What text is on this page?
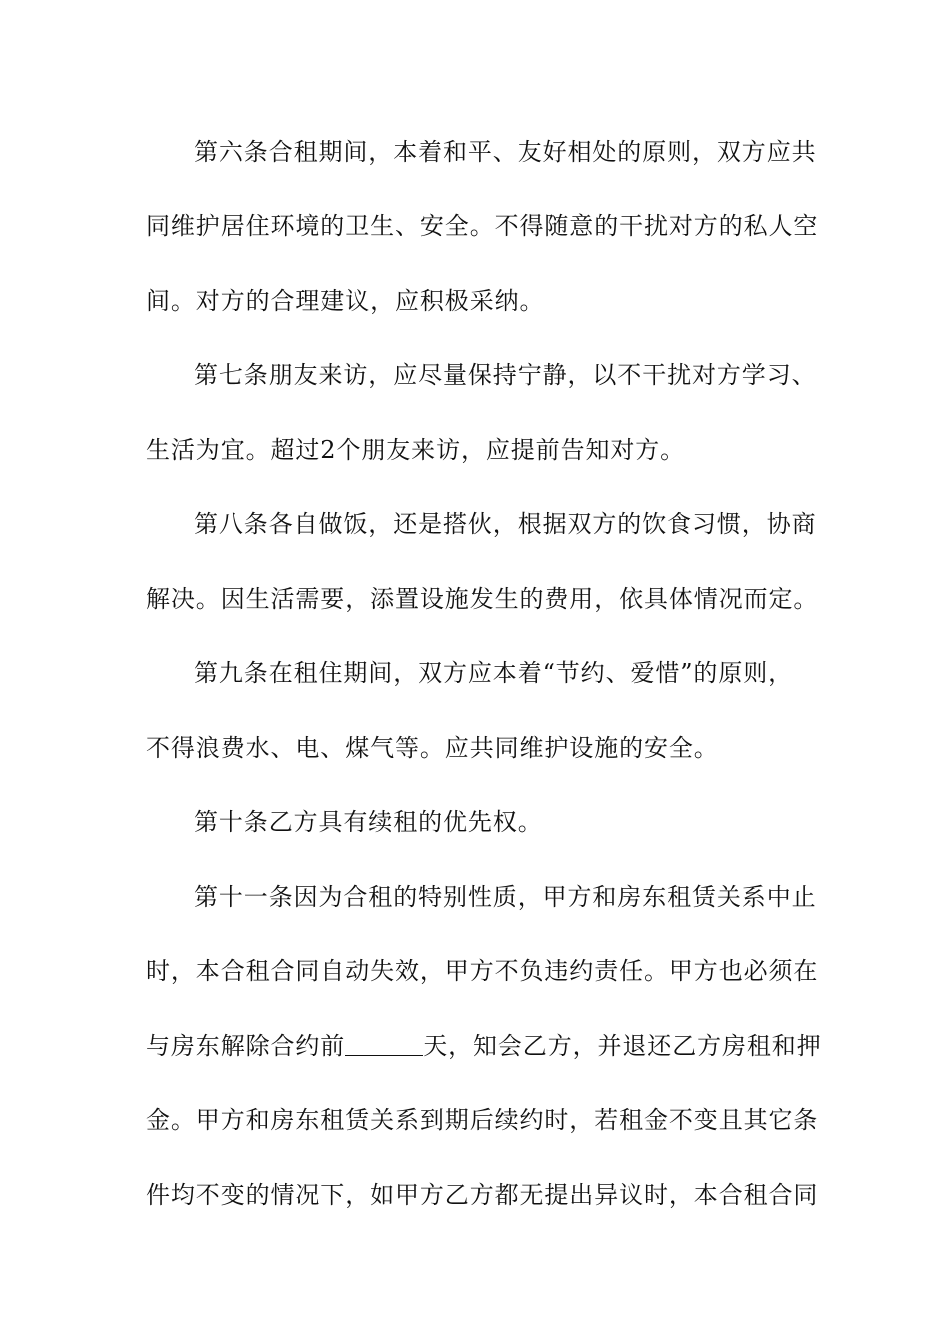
第六条合租期间，本着和平、友好相处的原则，双方应共
同维护居住环境的卫生、安全。不得随意的干扰对方的私人空
间。对方的合理建议，应积极采纳。
第七条朋友来访，应尽量保持宁静，以不干扰对方学习、
生活为宜。超过2个朋友来访，应提前告知对方。
第八条各自做饭，还是搭伙，根据双方的饮食习惯，协商
解决。因生活需要，添置设施发生的费用，依具体情况而定。
第九条在租住期间，双方应本着“节约、爱惜”的原则，
不得浪费水、电、煤气等。应共同维护设施的安全。
第十条乙方具有续租的优先权。
第十一条因为合租的特别性质，甲方和房东租赁关系中止
时，本合租合同自动失效，甲方不负违约责任。甲方也必须在
与房东解除合约前	天，知会乙方，并退还乙方房租和押
金。甲方和房东租赁关系到期后续约时，若租金不变且其它条
件均不变的情况下，如甲方乙方都无提出异议时，本合租合同
